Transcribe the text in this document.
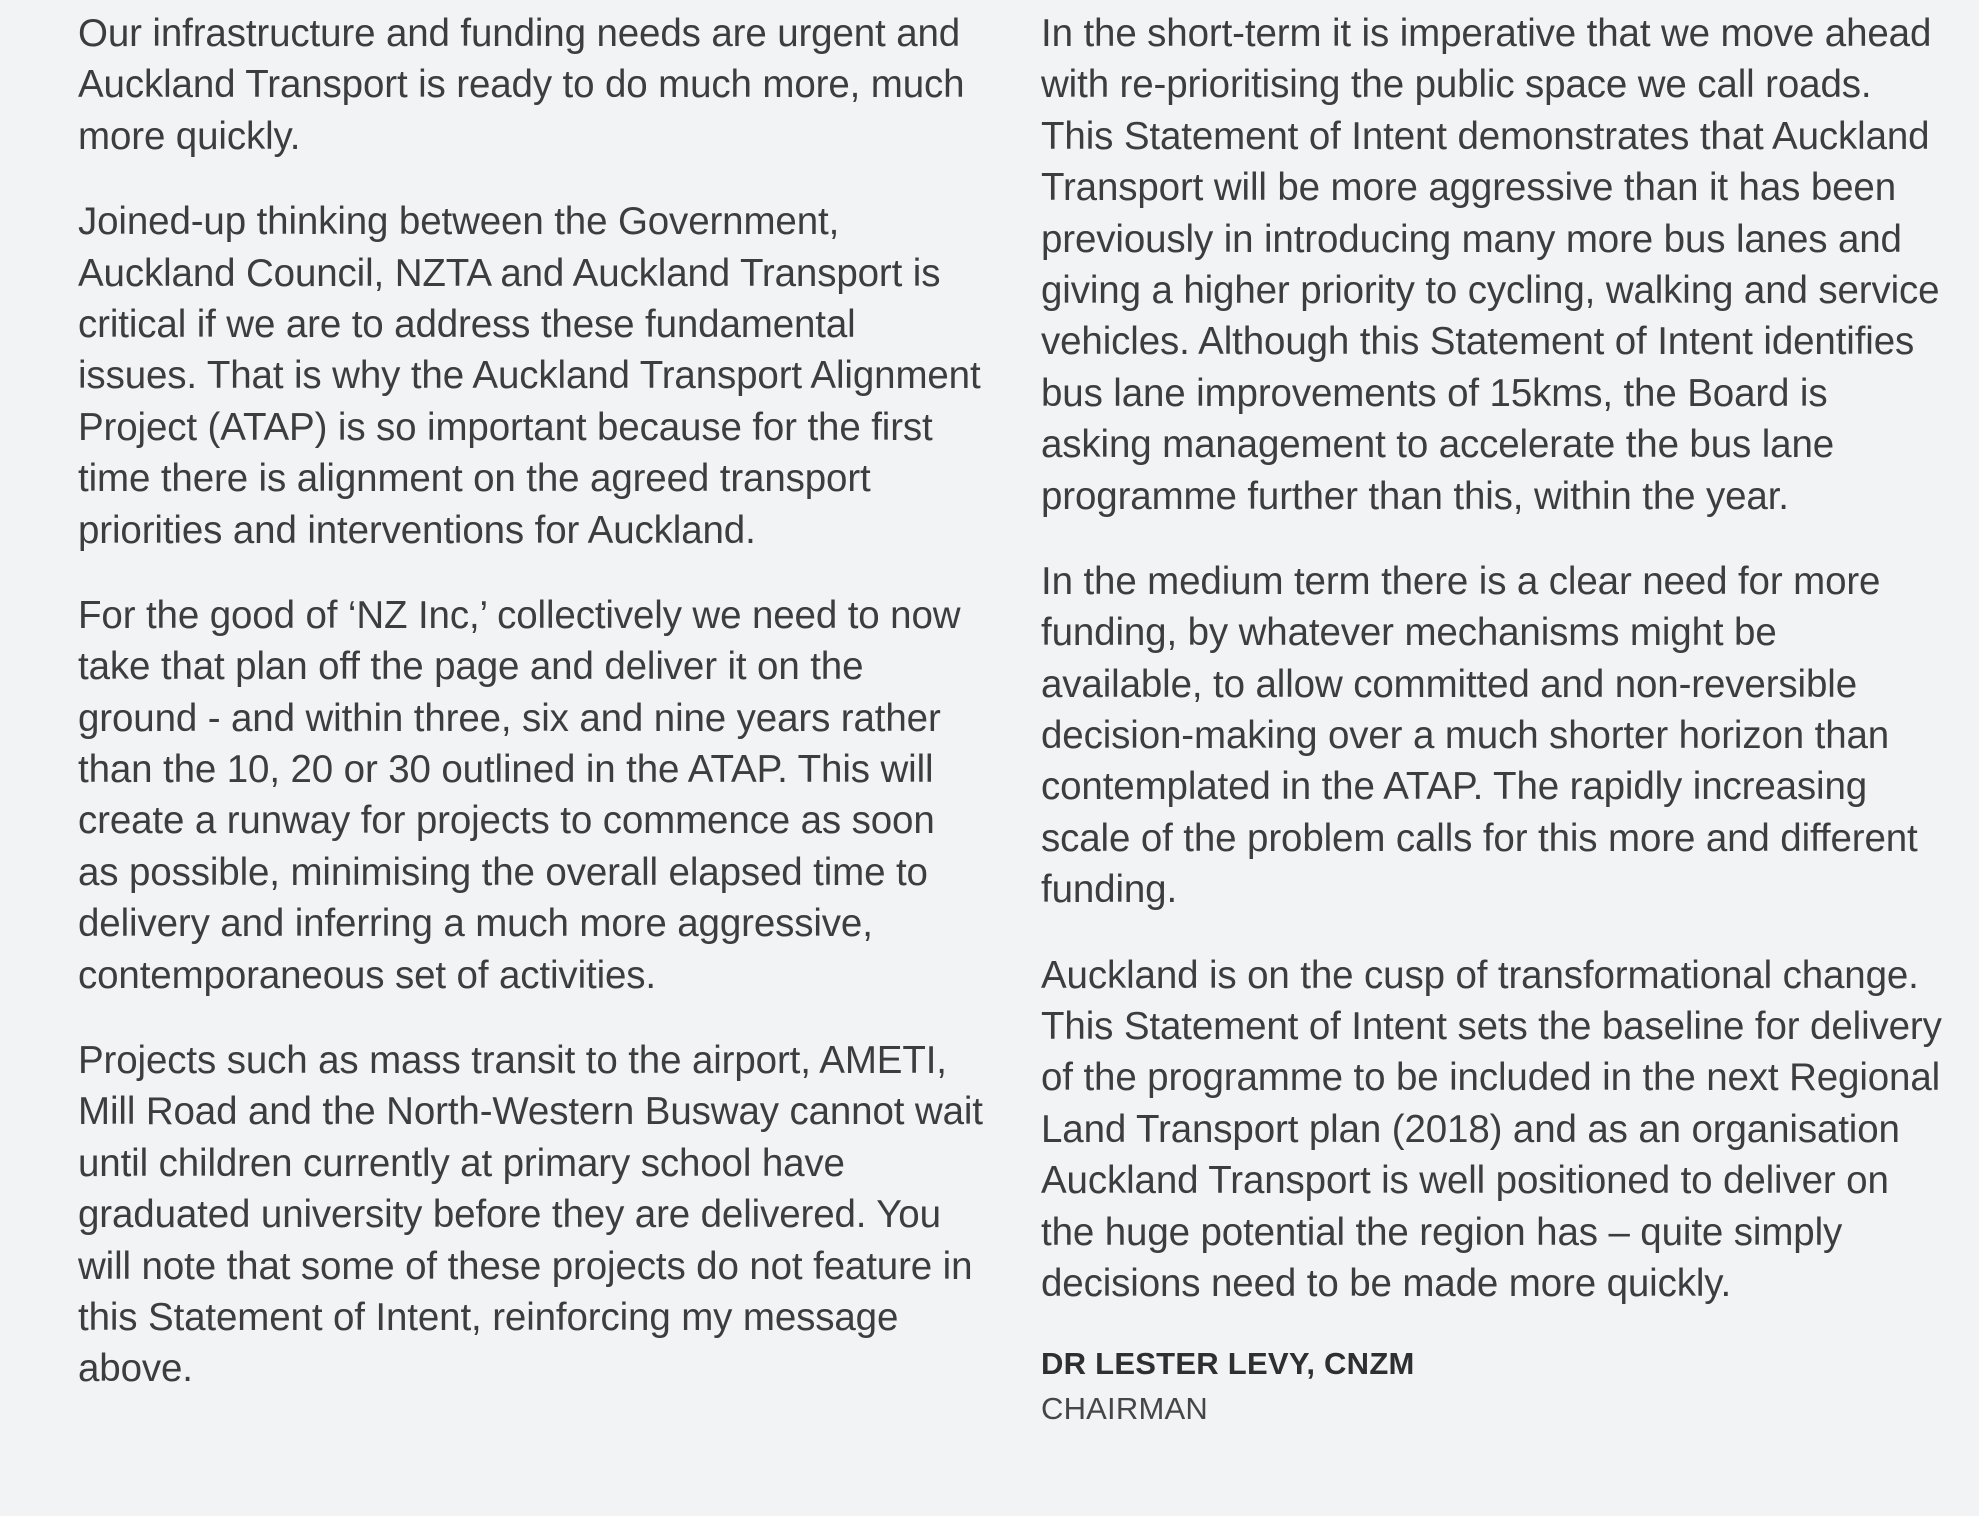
Our infrastructure and funding needs are urgent and Auckland Transport is ready to do much more, much more quickly.

Joined-up thinking between the Government, Auckland Council, NZTA and Auckland Transport is critical if we are to address these fundamental issues. That is why the Auckland Transport Alignment Project (ATAP) is so important because for the first time there is alignment on the agreed transport priorities and interventions for Auckland.

For the good of ‘NZ Inc,’ collectively we need to now take that plan off the page and deliver it on the ground - and within three, six and nine years rather than the 10, 20 or 30 outlined in the ATAP. This will create a runway for projects to commence as soon as possible, minimising the overall elapsed time to delivery and inferring a much more aggressive, contemporaneous set of activities.

Projects such as mass transit to the airport, AMETI, Mill Road and the North-Western Busway cannot wait until children currently at primary school have graduated university before they are delivered. You will note that some of these projects do not feature in this Statement of Intent, reinforcing my message above.

In the short-term it is imperative that we move ahead with re-prioritising the public space we call roads. This Statement of Intent demonstrates that Auckland Transport will be more aggressive than it has been previously in introducing many more bus lanes and giving a higher priority to cycling, walking and service vehicles. Although this Statement of Intent identifies bus lane improvements of 15kms, the Board is asking management to accelerate the bus lane programme further than this, within the year.

In the medium term there is a clear need for more funding, by whatever mechanisms might be available, to allow committed and non-reversible decision-making over a much shorter horizon than contemplated in the ATAP. The rapidly increasing scale of the problem calls for this more and different funding.

Auckland is on the cusp of transformational change. This Statement of Intent sets the baseline for delivery of the programme to be included in the next Regional Land Transport plan (2018) and as an organisation Auckland Transport is well positioned to deliver on the huge potential the region has – quite simply decisions need to be made more quickly.

DR LESTER LEVY, CNZM

CHAIRMAN
